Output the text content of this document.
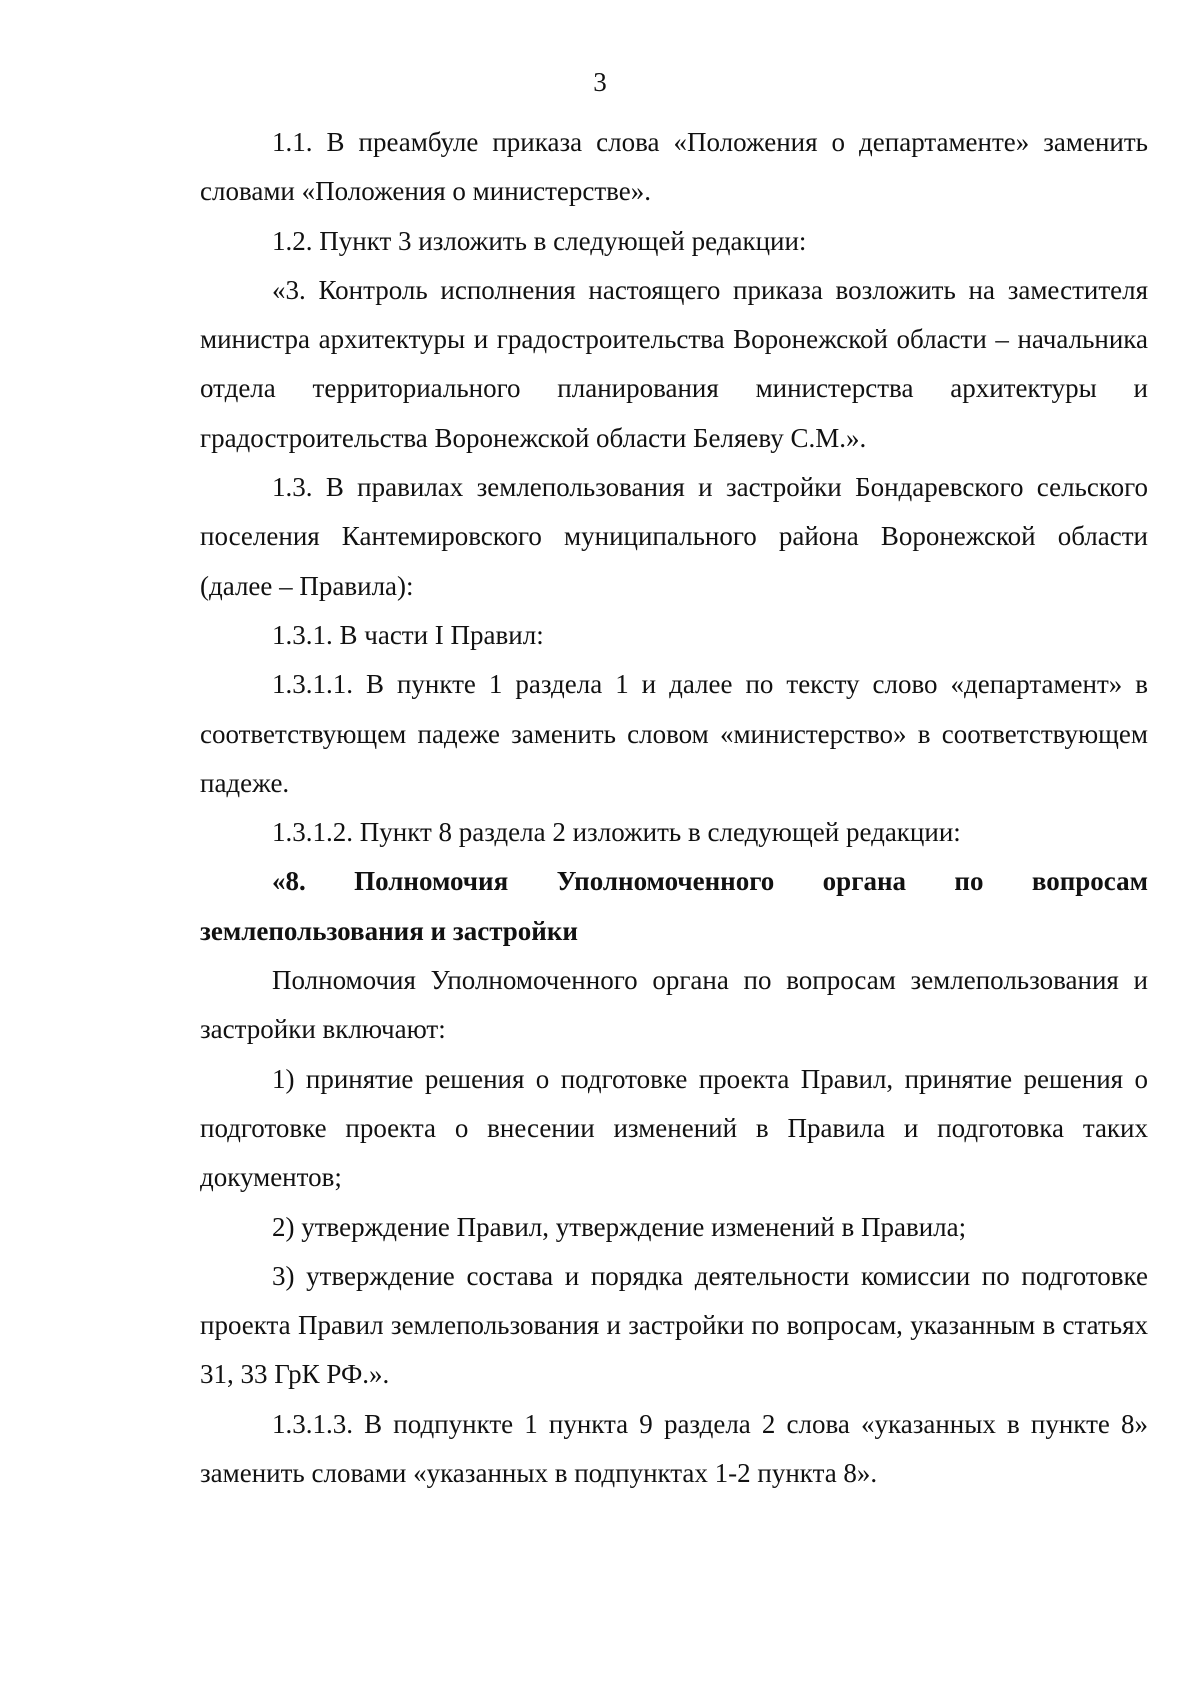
3

1.1. В преамбуле приказа слова «Положения о департаменте» заменить словами «Положения о министерстве».

1.2. Пункт 3 изложить в следующей редакции:

«3. Контроль исполнения настоящего приказа возложить на заместителя министра архитектуры и градостроительства Воронежской области – начальника отдела территориального планирования министерства архитектуры и градостроительства Воронежской области Беляеву С.М.».

1.3. В правилах землепользования и застройки Бондаревского сельского поселения Кантемировского муниципального района Воронежской области (далее – Правила):

1.3.1. В части I Правил:

1.3.1.1. В пункте 1 раздела 1 и далее по тексту слово «департамент» в соответствующем падеже заменить словом «министерство» в соответствующем падеже.

1.3.1.2. Пункт 8 раздела 2 изложить в следующей редакции:

«8. Полномочия Уполномоченного органа по вопросам землепользования и застройки

Полномочия Уполномоченного органа по вопросам землепользования и застройки включают:

1) принятие решения о подготовке проекта Правил, принятие решения о подготовке проекта о внесении изменений в Правила и подготовка таких документов;

2) утверждение Правил, утверждение изменений в Правила;

3) утверждение состава и порядка деятельности комиссии по подготовке проекта Правил землепользования и застройки по вопросам, указанным в статьях 31, 33 ГрК РФ.».

1.3.1.3. В подпункте 1 пункта 9 раздела 2 слова «указанных в пункте 8» заменить словами «указанных в подпунктах 1-2 пункта 8».
